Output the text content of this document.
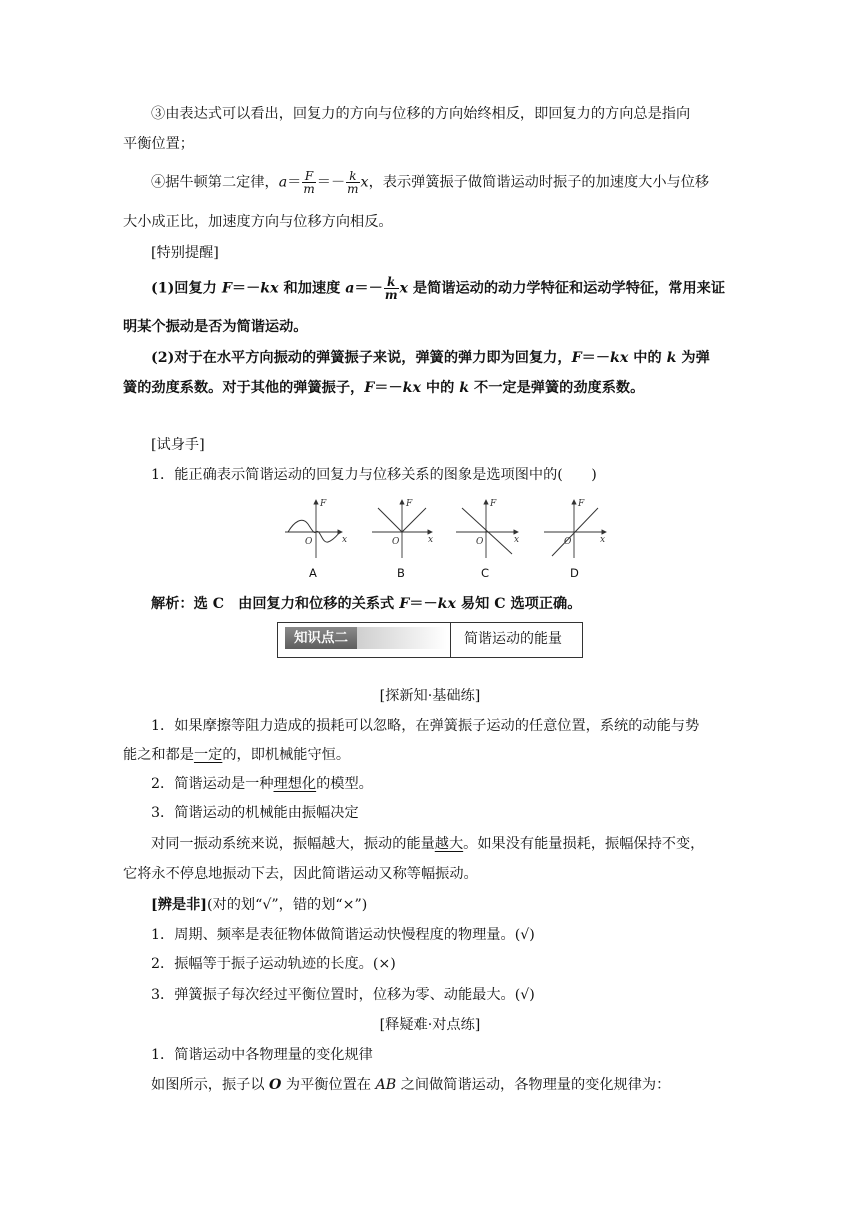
③由表达式可以看出，回复力的方向与位移的方向始终相反，即回复力的方向总是指向
平衡位置；
④据牛顿第二定律，$a= \frac{F}{m} =- \frac{k}{m}$ x，表示弹簧振子做简谐运动时振子的加速度大小与位移
大小成正比，加速度方向与位移方向相反。
[特别提醒]
(1)回复力 F＝－kx 和加速度 $a=- \frac{k}{m}$ x 是简谐运动的动力学特征和运动学特征，常用来证
明某个振动是否为简谐运动。
(2)对于在水平方向振动的弹簧振子来说，弹簧的弹力即为回复力，F＝－kx 中的 k 为弹
簧的劲度系数。对于其他的弹簧振子，F＝－kx 中的 k 不一定是弹簧的劲度系数。
[试身手]
1．能正确表示简谐运动的回复力与位移关系的图象是选项图中的(　　)
F
x
O
F
x
O
F
x
O
F
x
O
A	B	C	D
解析：选 C　由回复力和位移的关系式 F＝－kx 易知 C 选项正确。
知识点二	简谐运动的能量
[探新知·基础练]
1．如果摩擦等阻力造成的损耗可以忽略，在弹簧振子运动的任意位置，系统的动能与势
能之和都是一定的，即机械能守恒。
2．简谐运动是一种理想化的模型。
3．简谐运动的机械能由振幅决定
对同一振动系统来说，振幅越大，振动的能量越大。如果没有能量损耗，振幅保持不变，
它将永不停息地振动下去，因此简谐运动又称等幅振动。
[辨是非](对的划“√”，错的划“×”)
1．周期、频率是表征物体做简谐运动快慢程度的物理量。(√)
2．振幅等于振子运动轨迹的长度。(×)
3．弹簧振子每次经过平衡位置时，位移为零、动能最大。(√)
[释疑难·对点练]
1．简谐运动中各物理量的变化规律
如图所示，振子以 O 为平衡位置在 AB 之间做简谐运动，各物理量的变化规律为：
